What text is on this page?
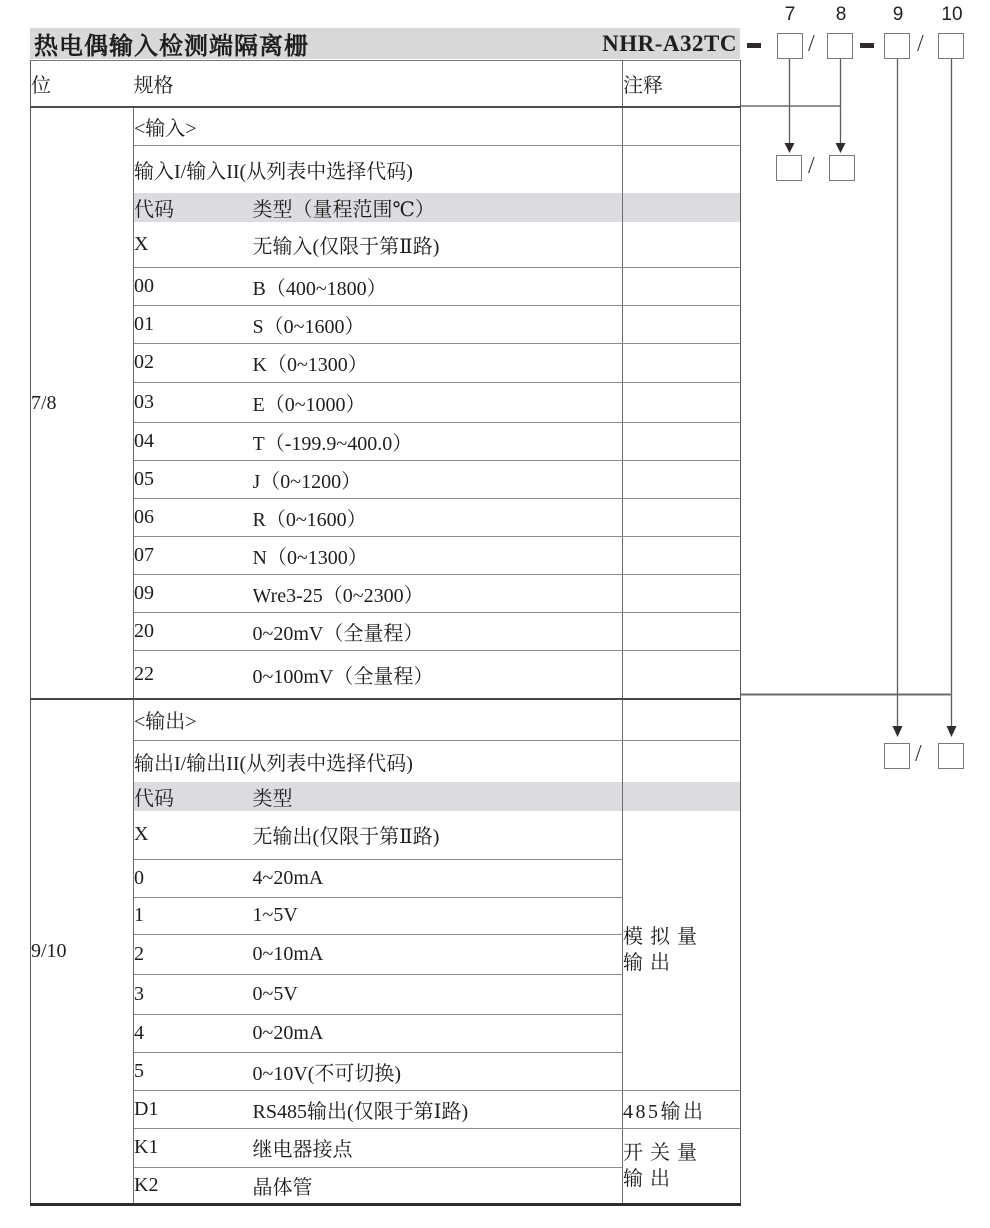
热电偶输入检测端隔离栅	NHR-A32TC
7	8	9	10
/	/
/
/
位	规格		注释
7/8	<输入>		
	输入I/输入II(从列表中选择代码)		
	代码	类型（量程范围℃）	
	X	无输入(仅限于第Ⅱ路)	
	00	B（400~1800）	
	01	S（0~1600）	
	02	K（0~1300）	
	03	E（0~1000）	
	04	T（-199.9~400.0）	
	05	J（0~1200）	
	06	R（0~1600）	
	07	N（0~1300）	
	09	Wre3-25（0~2300）	
	20	0~20mV（全量程）	
	22	0~100mV（全量程）	
9/10	<输出>		
	输出I/输出II(从列表中选择代码)		
	代码	类型	
	X	无输出(仅限于第Ⅱ路)	模拟量
输出
	0	4~20mA	
	1	1~5V	
	2	0~10mA	
	3	0~5V	
	4	0~20mA	
	5	0~10V(不可切换)	
	D1	RS485输出(仅限于第Ⅰ路)	485输出
	K1	继电器接点	开关量
输出
	K2	晶体管	
